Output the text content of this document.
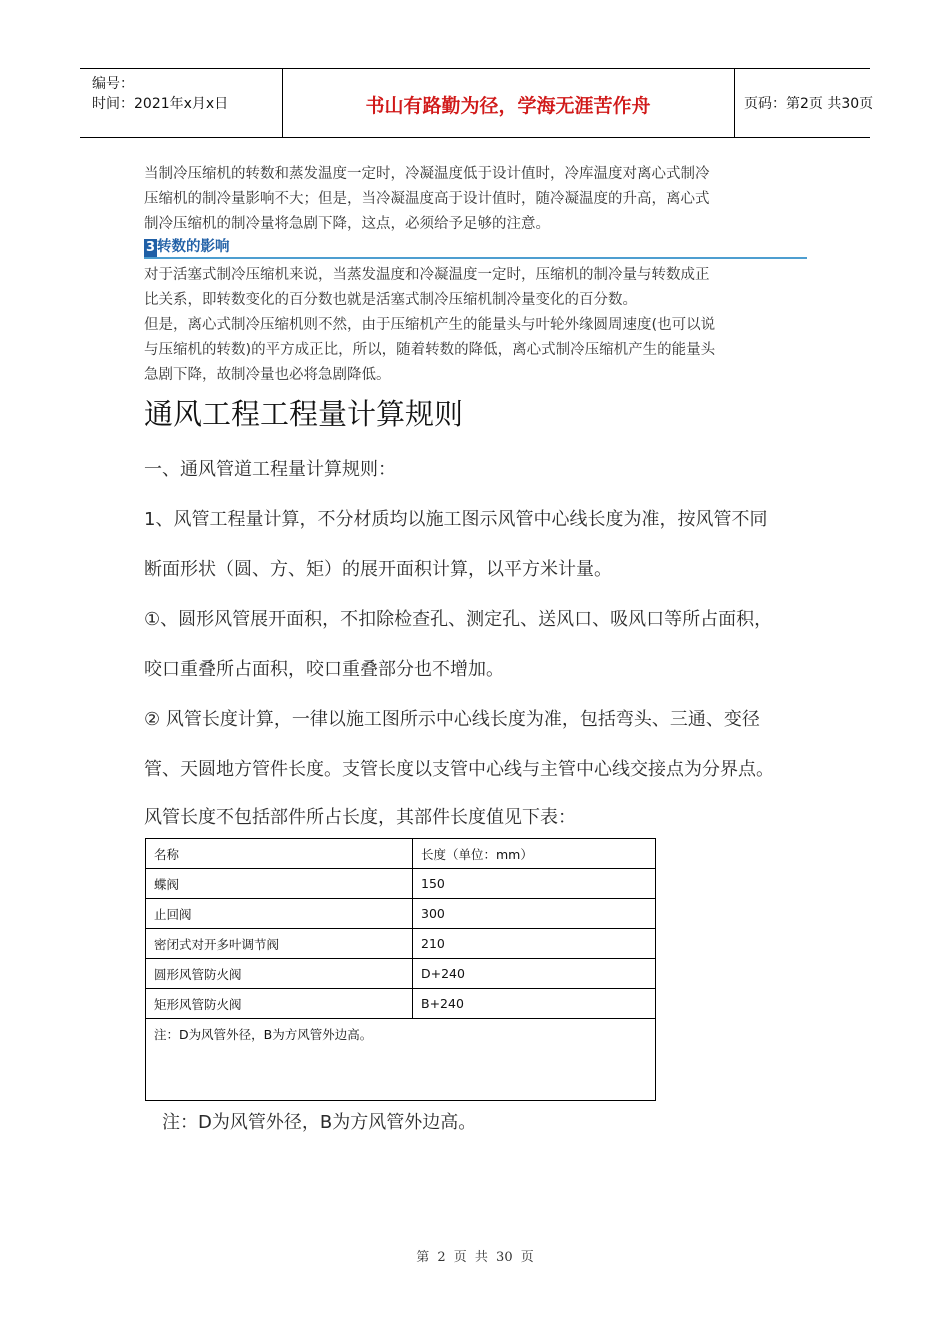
编号：
时间：2021年x月x日	书山有路勤为径，学海无涯苦作舟	页码：第2页 共30页
当制冷压缩机的转数和蒸发温度一定时，冷凝温度低于设计值时，冷库温度对离心式制冷
压缩机的制冷量影响不大；但是，当冷凝温度高于设计值时，随冷凝温度的升高，离心式
制冷压缩机的制冷量将急剧下降，这点，必须给予足够的注意。
3 转数的影响
对于活塞式制冷压缩机来说，当蒸发温度和冷凝温度一定时，压缩机的制冷量与转数成正
比关系，即转数变化的百分数也就是活塞式制冷压缩机制冷量变化的百分数。
但是，离心式制冷压缩机则不然，由于压缩机产生的能量头与叶轮外缘圆周速度(也可以说
与压缩机的转数)的平方成正比，所以，随着转数的降低，离心式制冷压缩机产生的能量头
急剧下降，故制冷量也必将急剧降低。
通风工程工程量计算规则
一、通风管道工程量计算规则：
1、风管工程量计算，不分材质均以施工图示风管中心线长度为准，按风管不同
断面形状（圆、方、矩）的展开面积计算，以平方米计量。
①、圆形风管展开面积，不扣除检查孔、测定孔、送风口、吸风口等所占面积，
咬口重叠所占面积，咬口重叠部分也不增加。
② 风管长度计算，一律以施工图所示中心线长度为准，包括弯头、三通、变径
管、天圆地方管件长度。支管长度以支管中心线与主管中心线交接点为分界点。
风管长度不包括部件所占长度，其部件长度值见下表：
名称	长度（单位：mm）
蝶阀	150
止回阀	300
密闭式对开多叶调节阀	210
圆形风管防火阀	D+240
矩形风管防火阀	B+240
注：D为风管外径，B为方风管外边高。	
注：D为风管外径，B为方风管外边高。
第 2 页 共 30 页
